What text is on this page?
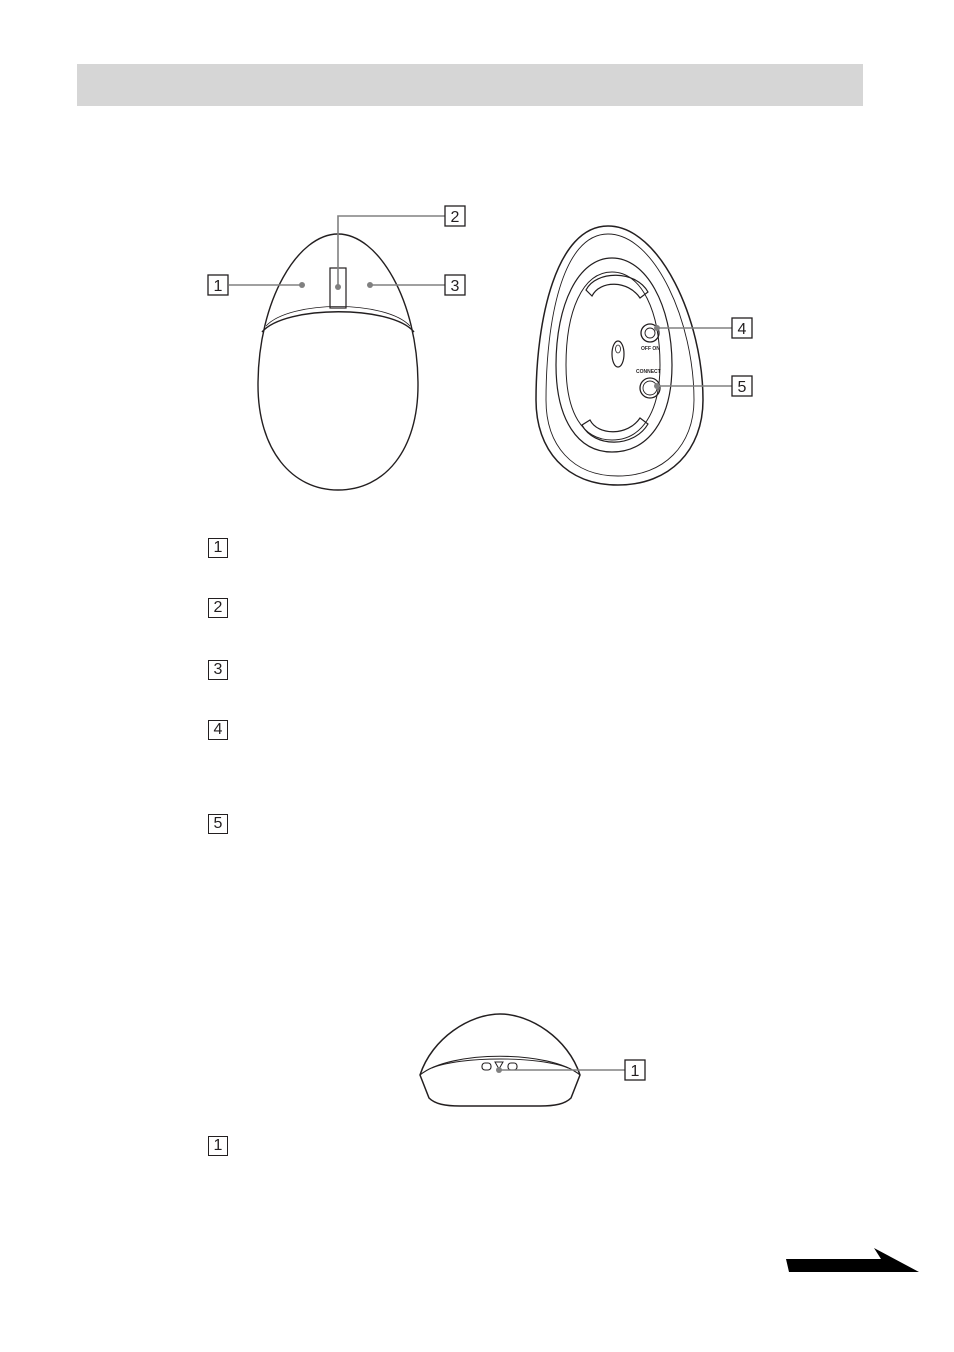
1
2
3
OFF ON
CONNECT
4
5
1
1
2
3
4
5
1
